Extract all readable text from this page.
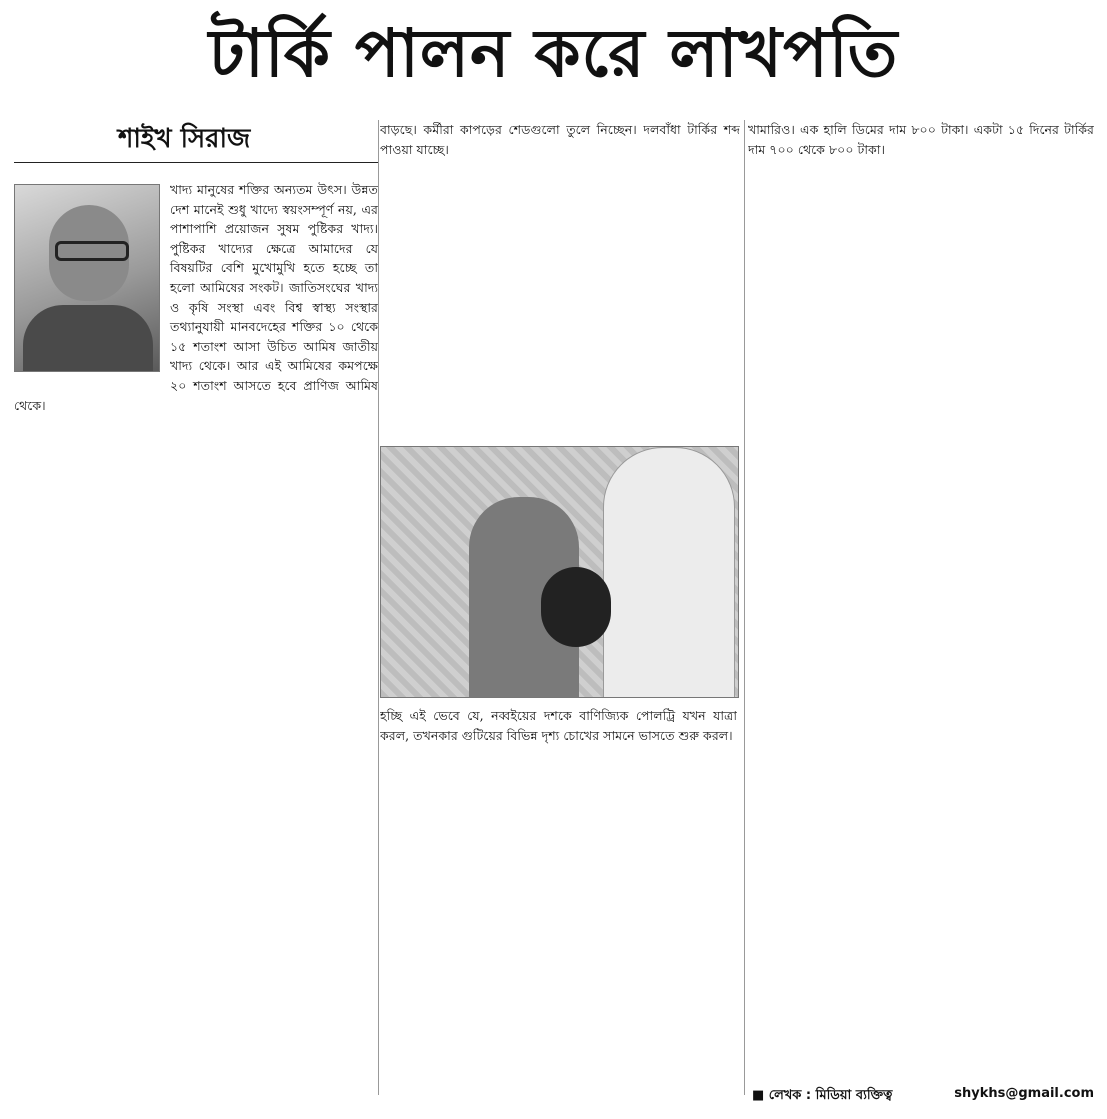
টার্কি পালন করে লাখপতি
শাইখ সিরাজ
খাদ্য মানুষের শক্তির অন্যতম উৎস। উন্নত দেশ মানেই শুধু খাদ্যে স্বয়ংসম্পূর্ণ নয়, এর পাশাপাশি প্রয়োজন সুষম পুষ্টিকর খাদ্য। পুষ্টিকর খাদ্যের ক্ষেত্রে আমাদের যে বিষয়টির বেশি মুখোমুখি হতে হচ্ছে তা হলো আমিষের সংকট। জাতিসংঘের খাদ্য ও কৃষি সংস্থা এবং বিশ্ব স্বাস্থ্য সংস্থার তথ্যানুযায়ী মানবদেহের শক্তির ১০ থেকে ১৫ শতাংশ আসা উচিত আমিষ জাতীয় খাদ্য থেকে। আর এই আমিষের কমপক্ষে ২০ শতাংশ আসতে হবে প্রাণিজ আমিষ থেকে।
বাড়ছে। কর্মীরা কাপড়ের শেডগুলো তুলে নিচ্ছেন। দলবাঁধা টার্কির শব্দ পাওয়া যাচ্ছে।
হচ্ছি এই ভেবে যে, নব্বইয়ের দশকে বাণিজ্যিক পোলট্রি যখন যাত্রা করল, তখনকার গুটিয়ের বিভিন্ন দৃশ্য চোখের সামনে ভাসতে শুরু করল।
খামারিও। এক হালি ডিমের দাম ৮০০ টাকা। একটা ১৫ দিনের টার্কির দাম ৭০০ থেকে ৮০০ টাকা।
■ লেখক : মিডিয়া ব্যক্তিত্ব	shykhs@gmail.com
